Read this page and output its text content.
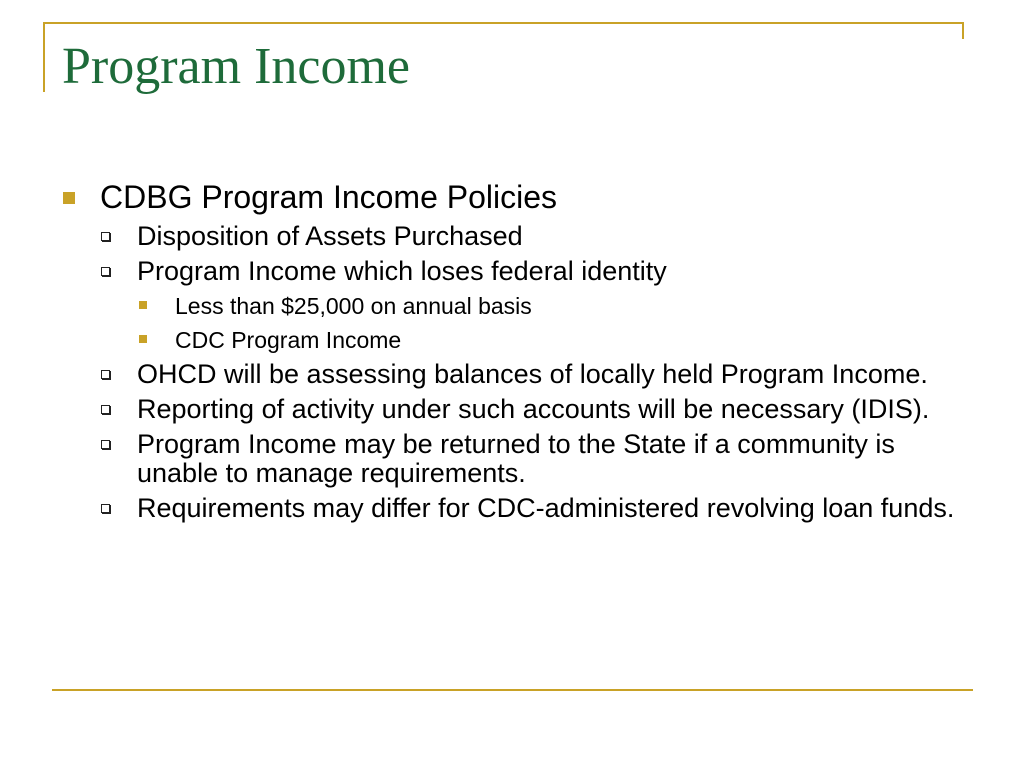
Program Income
CDBG Program Income Policies
Disposition of Assets Purchased
Program Income which loses federal identity
Less than $25,000 on annual basis
CDC Program Income
OHCD will be assessing balances of locally held Program Income.
Reporting of activity under such accounts will be necessary (IDIS).
Program Income may be returned to the State if a community is unable to manage requirements.
Requirements may differ for CDC-administered revolving loan funds.
